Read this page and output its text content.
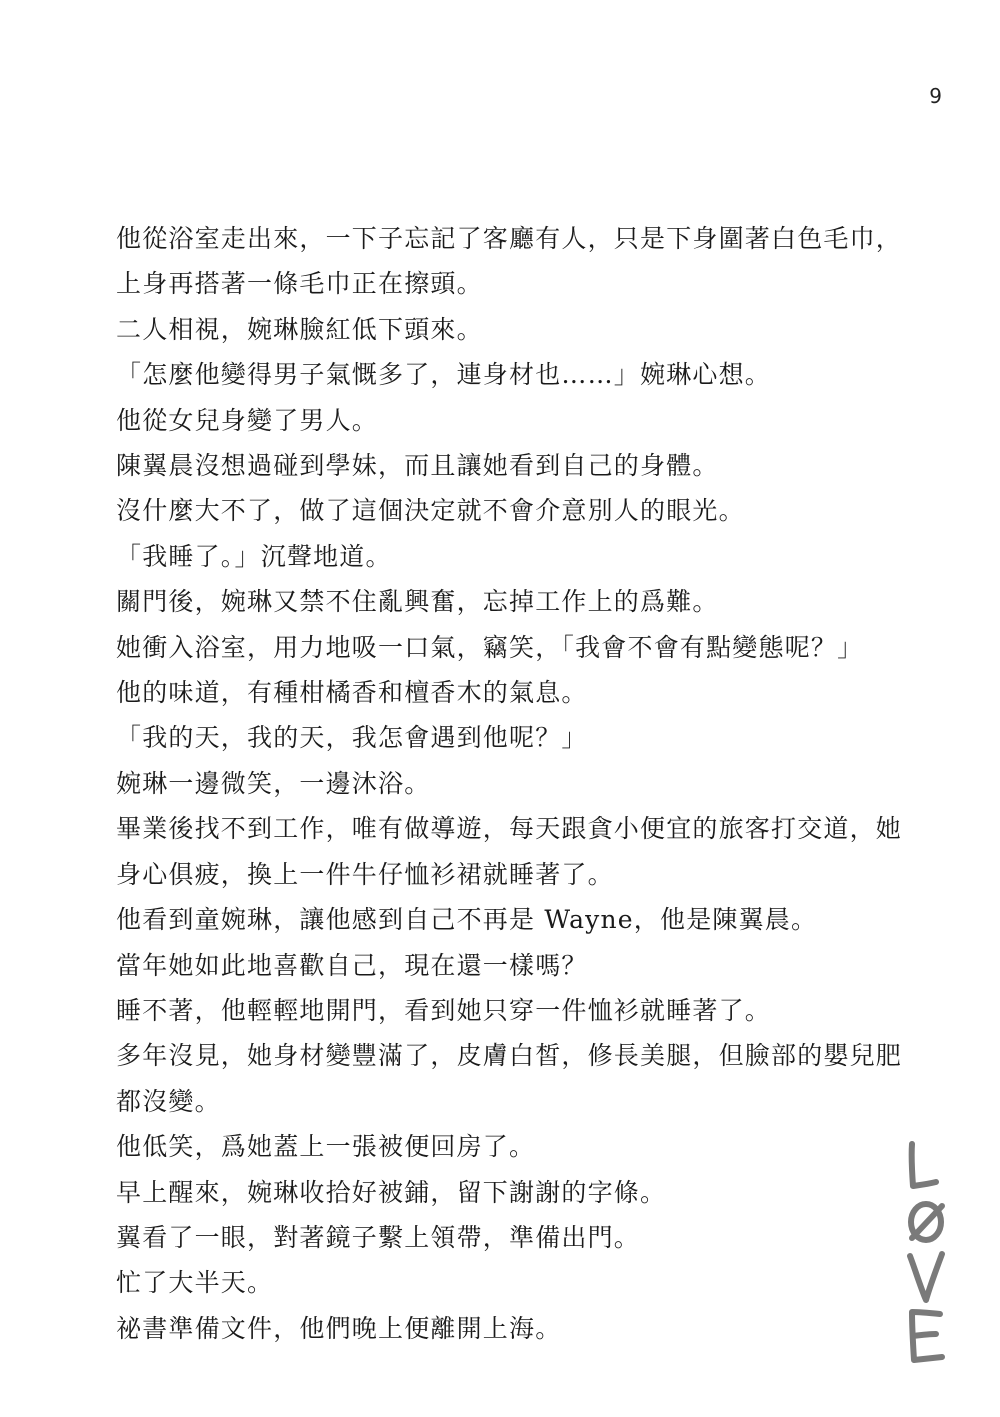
9

他從浴室走出來，一下子忘記了客廳有人，只是下身圍著白色毛巾，

上身再搭著一條毛巾正在擦頭。

二人相視，婉琳臉紅低下頭來。

「怎麼他變得男子氣慨多了，連身材也……」婉琳心想。

他從女兒身變了男人。

陳翼晨沒想過碰到學妹，而且讓她看到自己的身體。

沒什麼大不了，做了這個決定就不會介意別人的眼光。

「我睡了。」沉聲地道。

關門後，婉琳又禁不住亂興奮，忘掉工作上的爲難。

她衝入浴室，用力地吸一口氣，竊笑，「我會不會有點變態呢？」

他的味道，有種柑橘香和檀香木的氣息。

「我的天，我的天，我怎會遇到他呢？」

婉琳一邊微笑，一邊沐浴。

畢業後找不到工作，唯有做導遊，每天跟貪小便宜的旅客打交道，她

身心俱疲，換上一件牛仔恤衫裙就睡著了。

他看到童婉琳，讓他感到自己不再是 Wayne，他是陳翼晨。

當年她如此地喜歡自己，現在還一樣嗎？

睡不著，他輕輕地開門，看到她只穿一件恤衫就睡著了。

多年沒見，她身材變豐滿了，皮膚白皙，修長美腿，但臉部的嬰兒肥

都沒變。

他低笑，爲她蓋上一張被便回房了。

早上醒來，婉琳收拾好被鋪，留下謝謝的字條。

翼看了一眼，對著鏡子繫上領帶，準備出門。

忙了大半天。

祕書準備文件，他們晚上便離開上海。
